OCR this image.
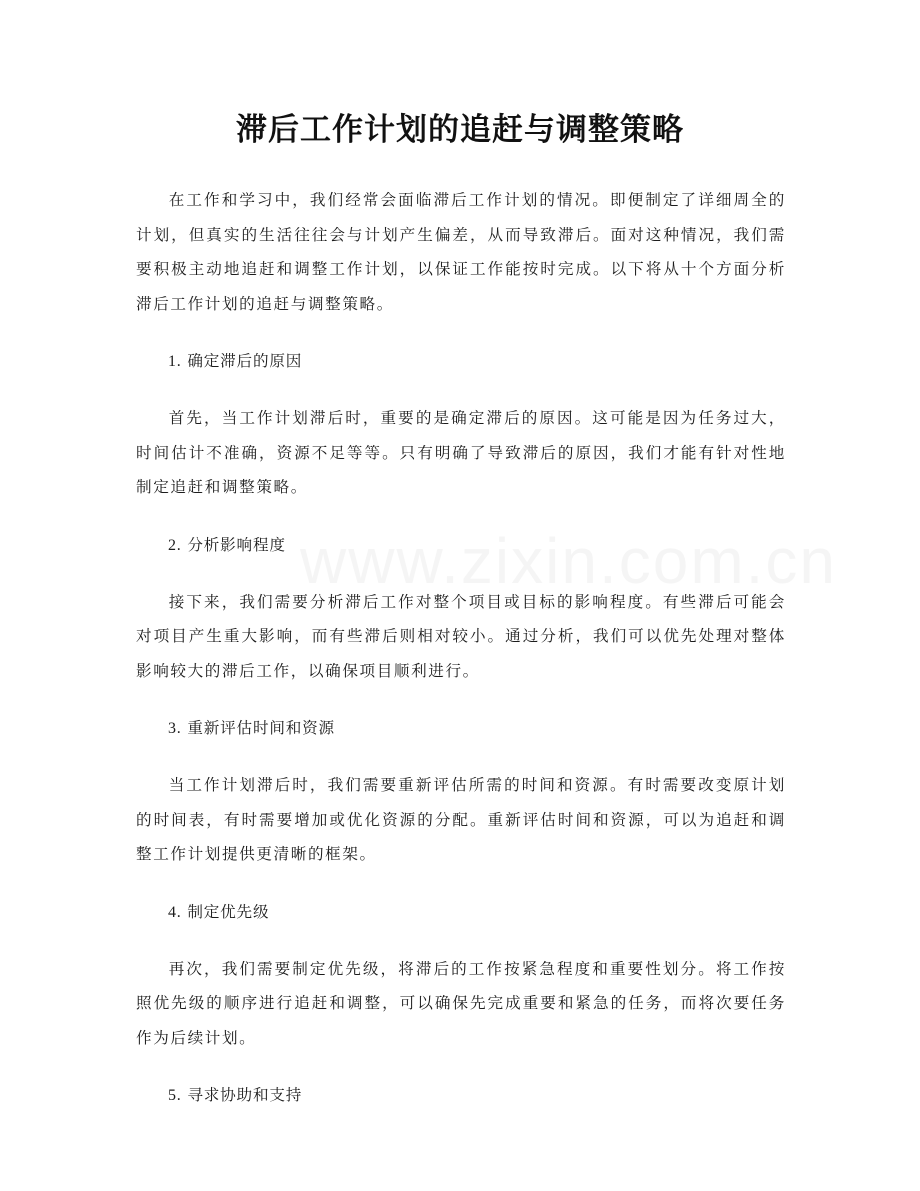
www.zixin.com.cn
滞后工作计划的追赶与调整策略

在工作和学习中，我们经常会面临滞后工作计划的情况。即便制定了详细周全的计划，但真实的生活往往会与计划产生偏差，从而导致滞后。面对这种情况，我们需要积极主动地追赶和调整工作计划，以保证工作能按时完成。以下将从十个方面分析滞后工作计划的追赶与调整策略。

1. 确定滞后的原因

首先，当工作计划滞后时，重要的是确定滞后的原因。这可能是因为任务过大，时间估计不准确，资源不足等等。只有明确了导致滞后的原因，我们才能有针对性地制定追赶和调整策略。

2. 分析影响程度

接下来，我们需要分析滞后工作对整个项目或目标的影响程度。有些滞后可能会对项目产生重大影响，而有些滞后则相对较小。通过分析，我们可以优先处理对整体影响较大的滞后工作，以确保项目顺利进行。

3. 重新评估时间和资源

当工作计划滞后时，我们需要重新评估所需的时间和资源。有时需要改变原计划的时间表，有时需要增加或优化资源的分配。重新评估时间和资源，可以为追赶和调整工作计划提供更清晰的框架。

4. 制定优先级

再次，我们需要制定优先级，将滞后的工作按紧急程度和重要性划分。将工作按照优先级的顺序进行追赶和调整，可以确保先完成重要和紧急的任务，而将次要任务作为后续计划。

5. 寻求协助和支持
